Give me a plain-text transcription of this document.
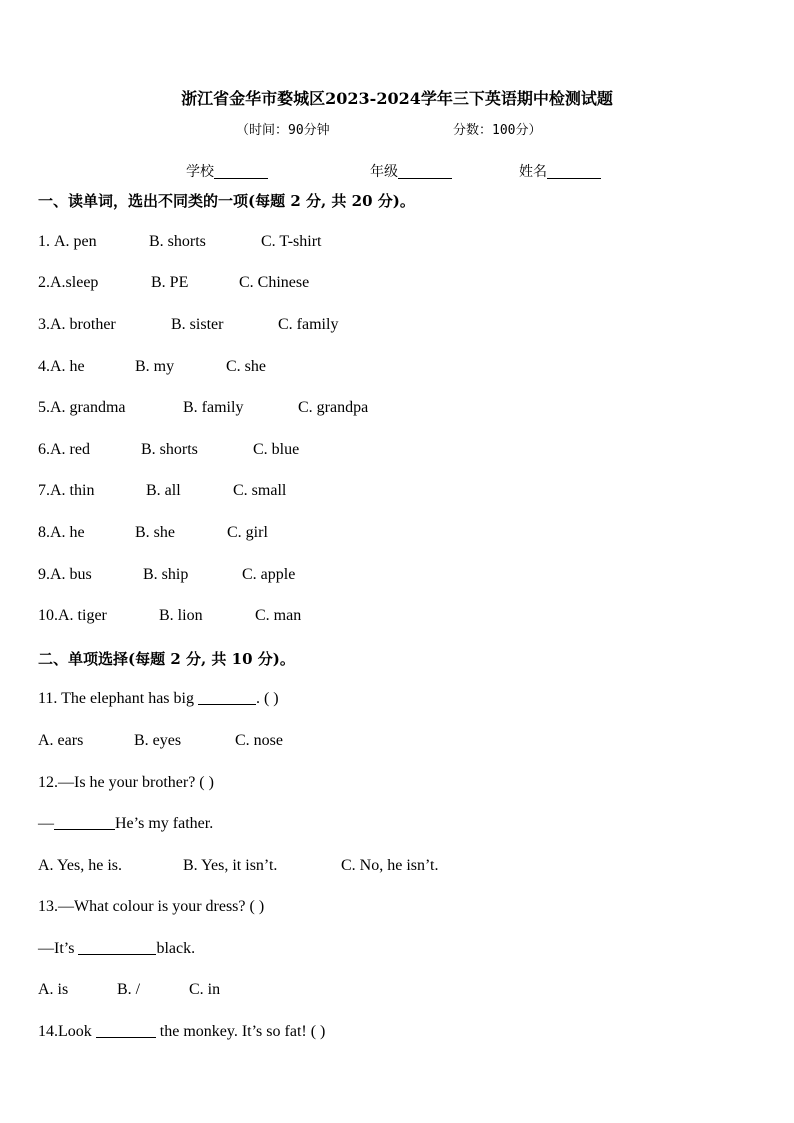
浙江省金华市婺城区2023-2024学年三下英语期中检测试题
（时间：90分钟	分数：100分）
学校	年级	姓名
一、读单词，选出不同类的一项(每题 2 分, 共 20 分)。
1. A. pen	B. shorts	C. T-shirt
2.A.sleep	B. PE	C. Chinese
3.A. brother	B. sister	C. family
4.A. he	B. my	C. she
5.A. grandma	B. family	C. grandpa
6.A. red	B. shorts	C. blue
7.A. thin	B. all	C. small
8.A. he	B. she	C. girl
9.A. bus	B. ship	C. apple
10.A. tiger	B. lion	C. man
二、单项选择(每题 2 分, 共 10 分)。
11. The elephant has big	. ( )
A. ears	B. eyes	C. nose
12.—Is he your brother? ( )
—	He’s my father.
A. Yes, he is.	B. Yes, it isn’t.	C. No, he isn’t.
13.—What colour is your dress? ( )
—It’s	black.
A. is	B. /	C. in
14.Look	the monkey. It’s so fat! ( )
